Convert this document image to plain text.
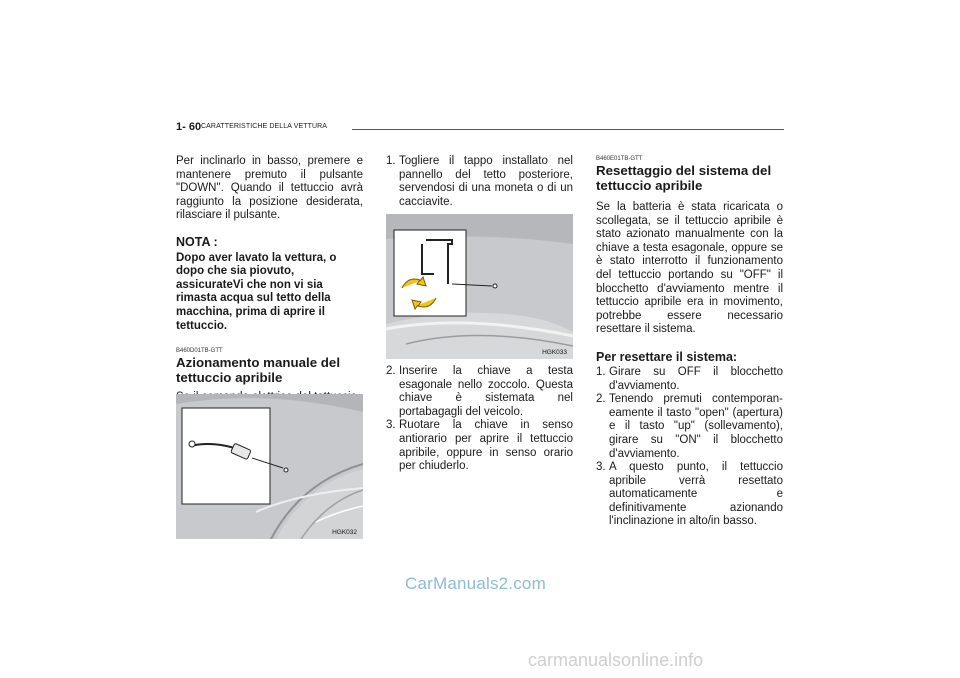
1- 60 CARATTERISTICHE DELLA VETTURA

Per inclinarlo in basso, premere e mantenere premuto il pulsante "DOWN". Quando il tettuccio avrà raggiunto la posizione desiderata, rilasciare il pulsante.

NOTA :

Dopo aver lavato la vettura, o dopo che sia piovuto, assicurateVi che non vi sia rimasta acqua sul tetto della macchina, prima di aprire il tettuccio.

B460D01TB-GTT
Azionamento manuale del tettuccio apribile

HGK032
1. Togliere il tappo installato nel pannello del tetto posteriore, servendosi di una moneta o di un cacciavite.
HGK033
2. Inserire la chiave a testa esagonale nello zoccolo. Questa chiave è sistemata nel portabagagli del veicolo.
3. Ruotare la chiave in senso antiorario per aprire il tettuccio apribile, oppure in senso orario per chiuderlo.
B460E01TB-GTT
Resettaggio del sistema del tettuccio apribile

Se la batteria è stata ricaricata o scollegata, se il tettuccio apribile è stato azionato manualmente con la chiave a testa esagonale, oppure se è stato interrotto il funzionamento del tettuccio portando su "OFF" il blocchetto d'avviamento mentre il tettuccio apribile era in movimento, potrebbe essere necessario resettare il sistema.

Per resettare il sistema:
1. Girare su OFF il blocchetto d'avviamento.
2. Tenendo premuti contemporan-eamente il tasto "open" (apertura) e il tasto "up" (sollevamento), girare su "ON" il blocchetto d'avviamento.
3. A questo punto, il tettuccio apribile verrà resettato automaticamente e definitivamente azionando l'inclinazione in alto/in basso.
CarManuals2.com
carmanualsonline.info
